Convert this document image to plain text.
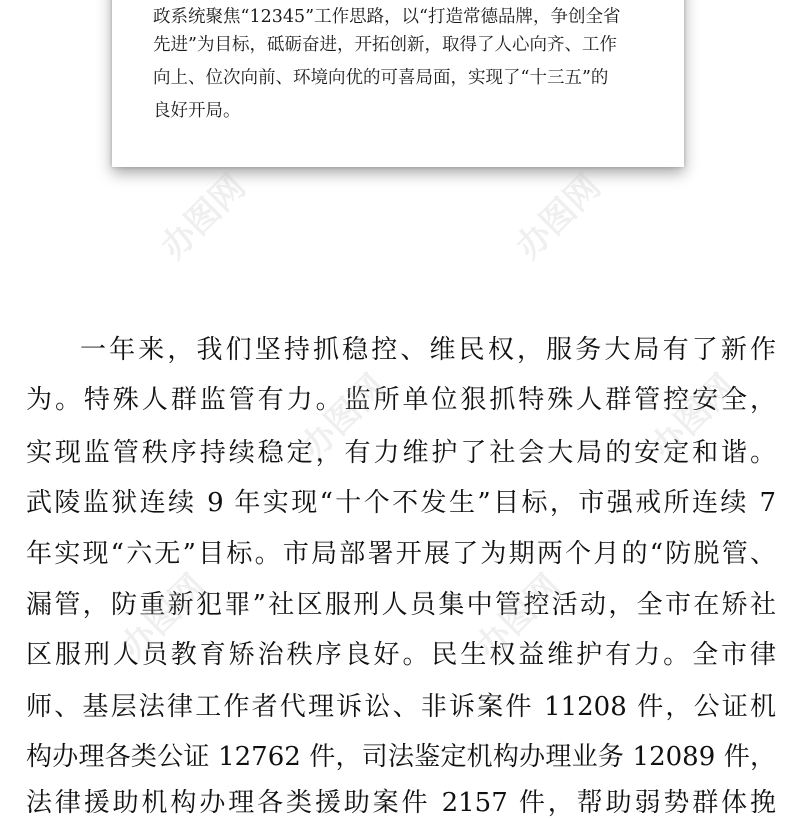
政系统聚焦“12345”工作思路，以“打造常德品牌，争创全省
先进”为目标，砥砺奋进，开拓创新，取得了人心向齐、工作
向上、位次向前、环境向优的可喜局面，实现了“十三五”的
良好开局。
一年来，我们坚持抓稳控、维民权，服务大局有了新作
为。特殊人群监管有力。监所单位狠抓特殊人群管控安全，
实现监管秩序持续稳定，有力维护了社会大局的安定和谐。
武陵监狱连续 9 年实现“十个不发生”目标，市强戒所连续 7
年实现“六无”目标。市局部署开展了为期两个月的“防脱管、
漏管，防重新犯罪”社区服刑人员集中管控活动，全市在矫社
区服刑人员教育矫治秩序良好。民生权益维护有力。全市律
师、基层法律工作者代理诉讼、非诉案件 11208 件，公证机
构办理各类公证 12762 件，司法鉴定机构办理业务 12089 件，
法律援助机构办理各类援助案件 2157 件，帮助弱势群体挽
办图网	办图网
办图网	办图网
办图网	办图网
